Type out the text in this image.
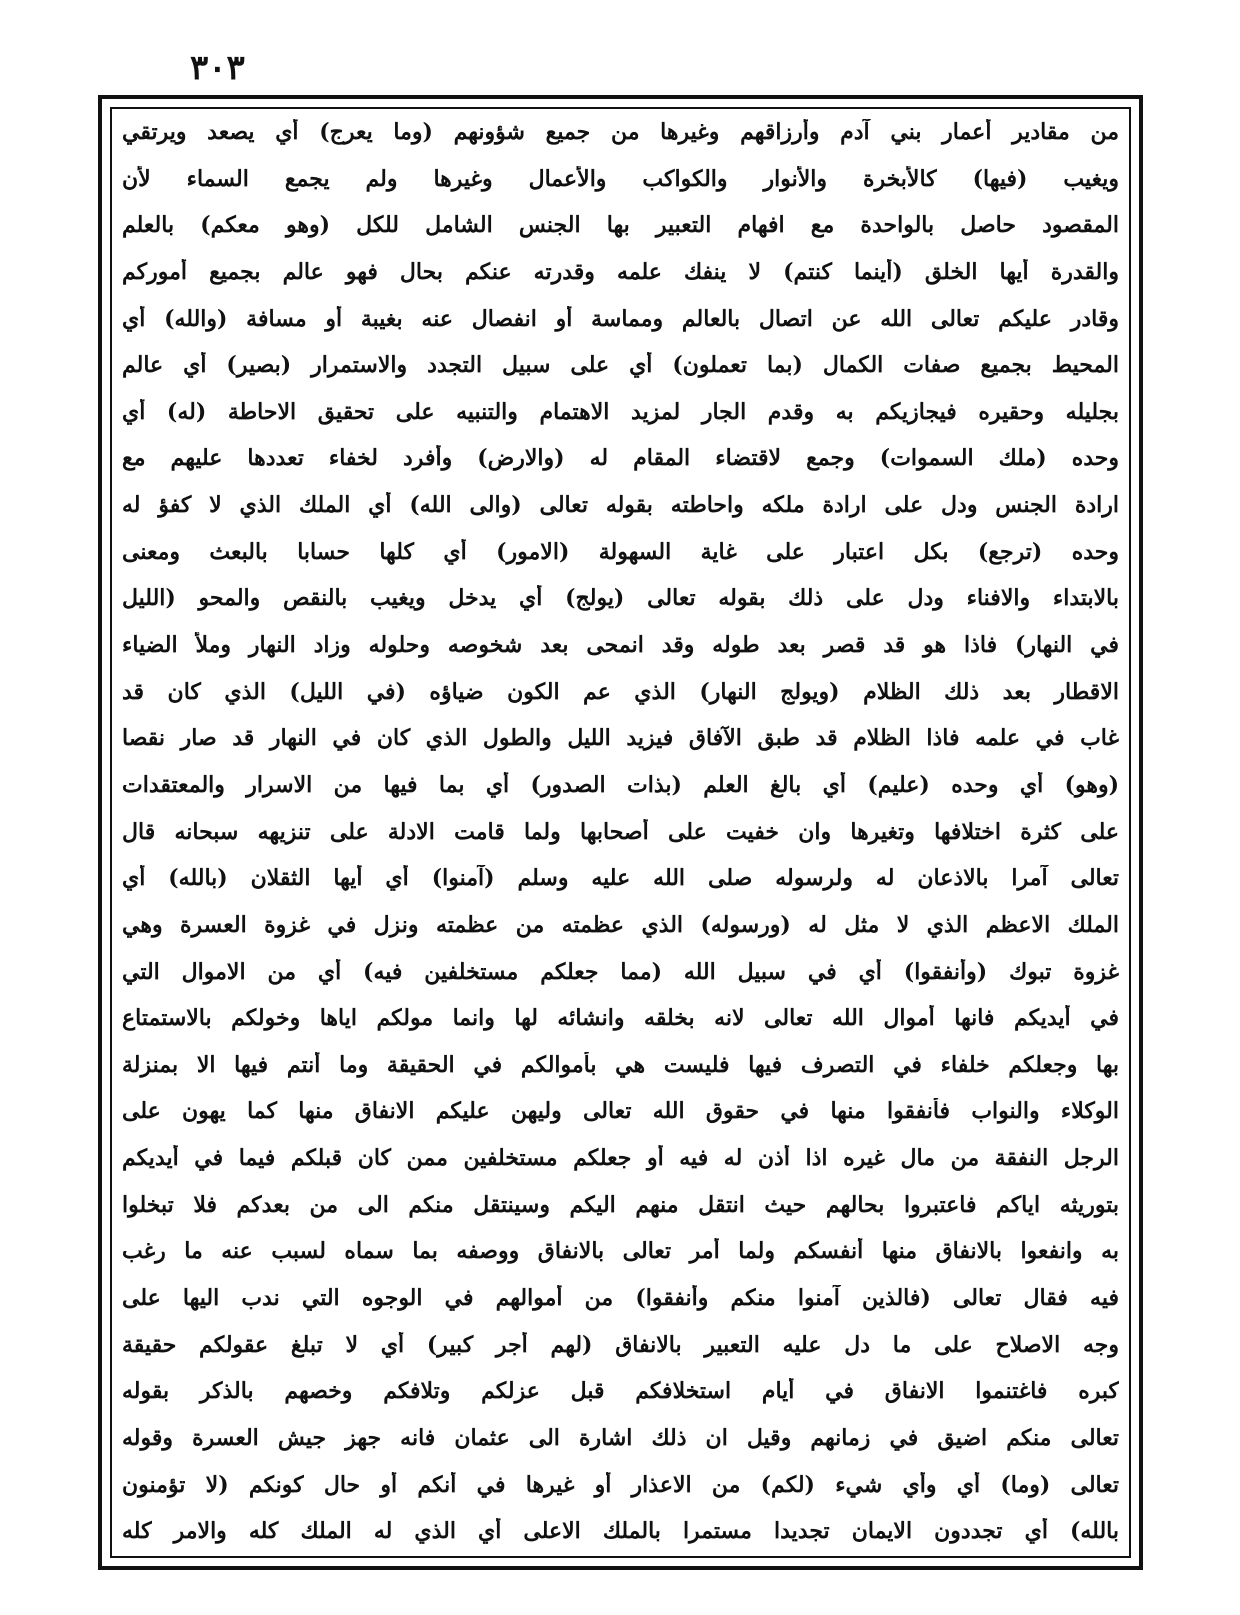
٣٠٣
من مقادير أعمار بني آدم وأرزاقهم وغيرها من جميع شؤونهم (وما يعرج) أي يصعد ويرتقي
ويغيب (فيها) كالأبخرة والأنوار والكواكب والأعمال وغيرها ولم يجمع السماء لأن
المقصود حاصل بالواحدة مع افهام التعبير بها الجنس الشامل للكل (وهو معكم) بالعلم
والقدرة أيها الخلق (أينما كنتم) لا ينفك علمه وقدرته عنكم بحال فهو عالم بجميع أموركم
وقادر عليكم تعالى الله عن اتصال بالعالم ومماسة أو انفصال عنه بغيبة أو مسافة (والله) أي
المحيط بجميع صفات الكمال (بما تعملون) أي على سبيل التجدد والاستمرار (بصير) أي عالم
بجليله وحقيره فيجازيكم به وقدم الجار لمزيد الاهتمام والتنبيه على تحقيق الاحاطة (له) أي
وحده (ملك السموات) وجمع لاقتضاء المقام له (والارض) وأفرد لخفاء تعددها عليهم مع
ارادة الجنس ودل على ارادة ملكه واحاطته بقوله تعالى (والى الله) أي الملك الذي لا كفؤ له
وحده (ترجع) بكل اعتبار على غاية السهولة (الامور) أي كلها حسابا بالبعث ومعنى
بالابتداء والافناء ودل على ذلك بقوله تعالى (يولج) أي يدخل ويغيب بالنقص والمحو (الليل
في النهار) فاذا هو قد قصر بعد طوله وقد انمحى بعد شخوصه وحلوله وزاد النهار وملأ الضياء
الاقطار بعد ذلك الظلام (ويولج النهار) الذي عم الكون ضياؤه (في الليل) الذي كان قد
غاب في علمه فاذا الظلام قد طبق الآفاق فيزيد الليل والطول الذي كان في النهار قد صار نقصا
(وهو) أي وحده (عليم) أي بالغ العلم (بذات الصدور) أي بما فيها من الاسرار والمعتقدات
على كثرة اختلافها وتغيرها وان خفيت على أصحابها ولما قامت الادلة على تنزيهه سبحانه قال
تعالى آمرا بالاذعان له ولرسوله صلى الله عليه وسلم (آمنوا) أي أيها الثقلان (بالله) أي
الملك الاعظم الذي لا مثل له (ورسوله) الذي عظمته من عظمته ونزل في غزوة العسرة وهي
غزوة تبوك (وأنفقوا) أي في سبيل الله (مما جعلكم مستخلفين فيه) أي من الاموال التي
في أيديكم فانها أموال الله تعالى لانه بخلقه وانشائه لها وانما مولكم اياها وخولكم بالاستمتاع
بها وجعلكم خلفاء في التصرف فيها فليست هي بأموالكم في الحقيقة وما أنتم فيها الا بمنزلة
الوكلاء والنواب فأنفقوا منها في حقوق الله تعالى وليهن عليكم الانفاق منها كما يهون على
الرجل النفقة من مال غيره اذا أذن له فيه أو جعلكم مستخلفين ممن كان قبلكم فيما في أيديكم
بتوريثه اياكم فاعتبروا بحالهم حيث انتقل منهم اليكم وسينتقل منكم الى من بعدكم فلا تبخلوا
به وانفعوا بالانفاق منها أنفسكم ولما أمر تعالى بالانفاق ووصفه بما سماه لسبب عنه ما رغب
فيه فقال تعالى (فالذين آمنوا منكم وأنفقوا) من أموالهم في الوجوه التي ندب اليها على
وجه الاصلاح على ما دل عليه التعبير بالانفاق (لهم أجر كبير) أي لا تبلغ عقولكم حقيقة
كبره فاغتنموا الانفاق في أيام استخلافكم قبل عزلكم وتلافكم وخصهم بالذكر بقوله
تعالى منكم اضيق في زمانهم وقيل ان ذلك اشارة الى عثمان فانه جهز جيش العسرة وقوله
تعالى (وما) أي وأي شيء (لكم) من الاعذار أو غيرها في أنكم أو حال كونكم (لا تؤمنون
بالله) أي تجددون الايمان تجديدا مستمرا بالملك الاعلى أي الذي له الملك كله والامر كله
